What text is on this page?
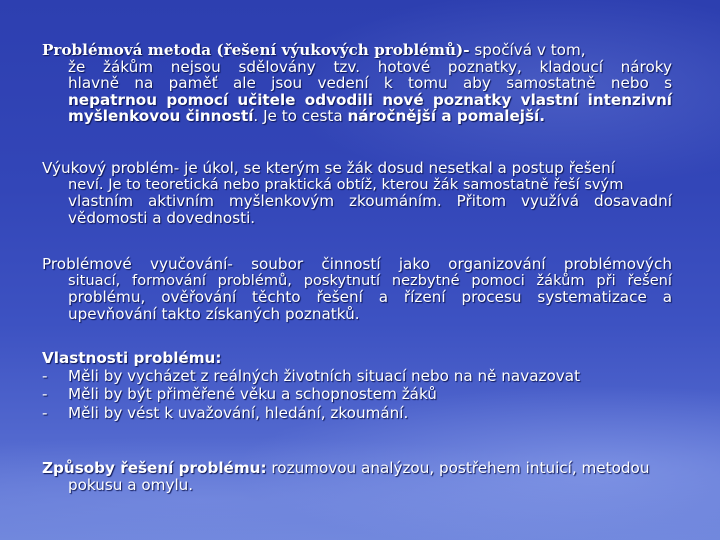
Problémová metoda (řešení výukových problémů)- spočívá v tom,
že žákům nejsou sdělovány tzv. hotové poznatky, kladoucí nároky
hlavně na paměť ale jsou vedení k tomu aby samostatně nebo s
nepatrnou pomocí učitele odvodili nové poznatky vlastní intenzivní
myšlenkovou činností. Je to cesta náročnější a pomalejší.
Výukový problém- je úkol, se kterým se žák dosud nesetkal a postup řešení
neví. Je to teoretická nebo praktická obtíž, kterou žák samostatně řeší svým
vlastním aktivním myšlenkovým zkoumáním. Přitom využívá dosavadní
vědomosti a dovednosti.
Problémové vyučování- soubor činností jako organizování problémových
situací, formování problémů, poskytnutí nezbytné pomoci žákům při řešení
problému, ověřování těchto řešení a řízení procesu systematizace a
upevňování takto získaných poznatků.
Vlastnosti problému:
- Měli by vycházet z reálných životních situací nebo na ně navazovat
- Měli by být přiměřené věku a schopnostem žáků
- Měli by vést k uvažování, hledání, zkoumání.
Způsoby řešení problému: rozumovou analýzou, postřehem intuicí, metodou
pokusu a omylu.
